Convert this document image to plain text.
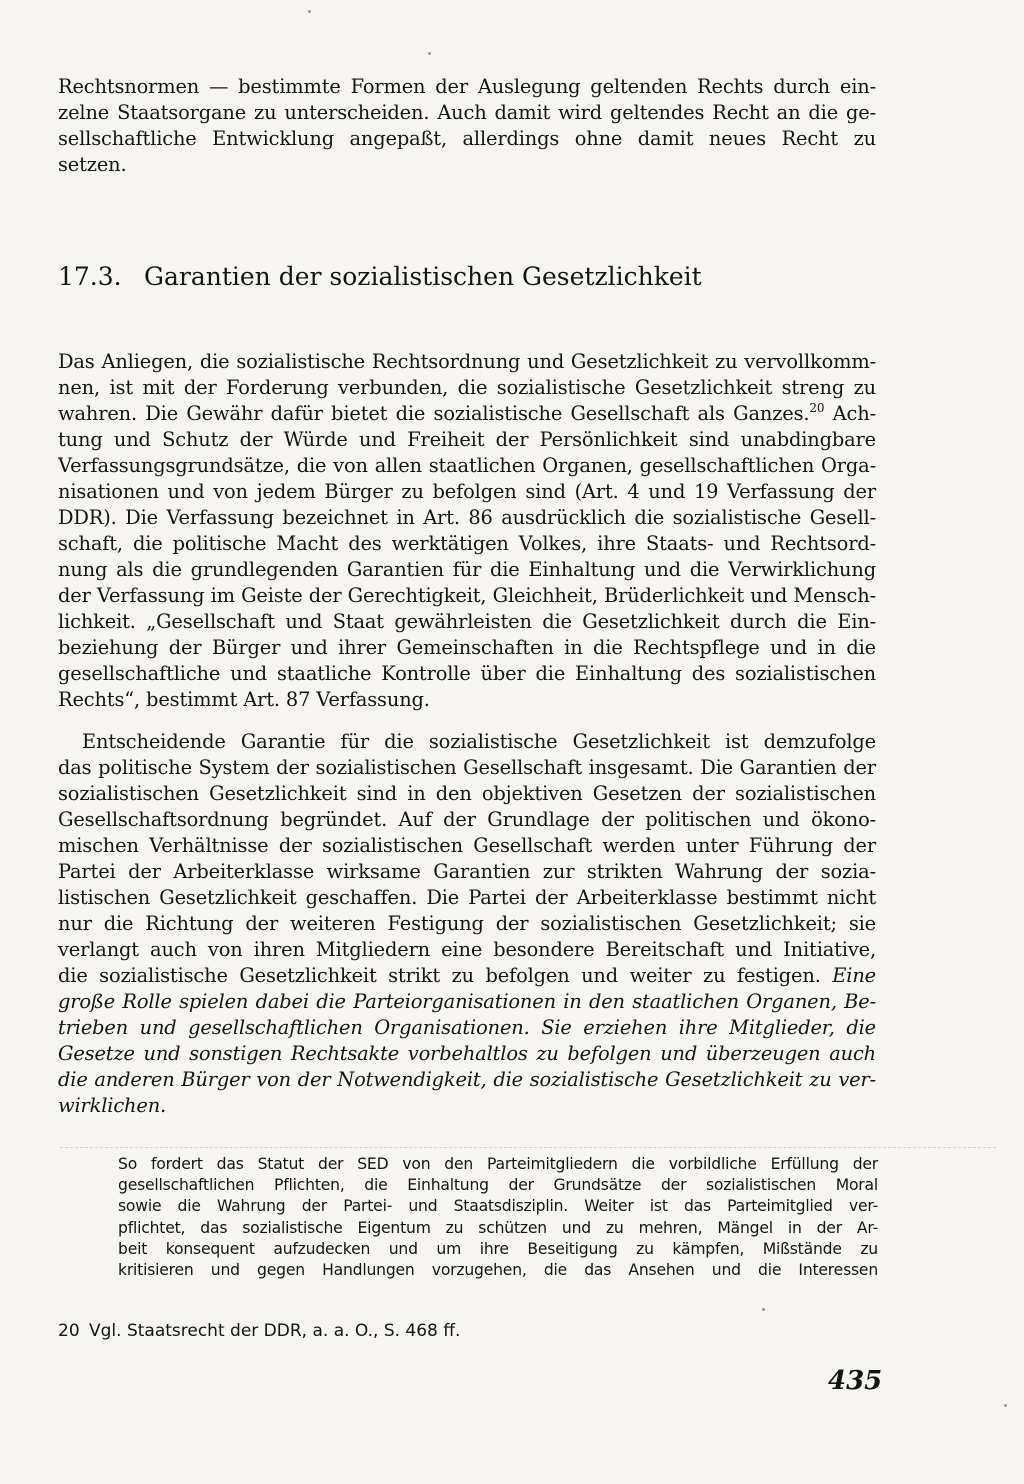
Rechtsnormen — bestimmte Formen der Auslegung geltenden Rechts durch ein-
zelne Staatsorgane zu unterscheiden. Auch damit wird geltendes Recht an die ge-
sellschaftliche Entwicklung angepaßt, allerdings ohne damit neues Recht zu
setzen.
17.3. Garantien der sozialistischen Gesetzlichkeit
Das Anliegen, die sozialistische Rechtsordnung und Gesetzlichkeit zu vervollkomm-
nen, ist mit der Forderung verbunden, die sozialistische Gesetzlichkeit streng zu
wahren. Die Gewähr dafür bietet die sozialistische Gesellschaft als Ganzes.$^{20}$ Ach-
tung und Schutz der Würde und Freiheit der Persönlichkeit sind unabdingbare
Verfassungsgrundsätze, die von allen staatlichen Organen, gesellschaftlichen Orga-
nisationen und von jedem Bürger zu befolgen sind (Art. 4 und 19 Verfassung der
DDR). Die Verfassung bezeichnet in Art. 86 ausdrücklich die sozialistische Gesell-
schaft, die politische Macht des werktätigen Volkes, ihre Staats- und Rechtsord-
nung als die grundlegenden Garantien für die Einhaltung und die Verwirklichung
der Verfassung im Geiste der Gerechtigkeit, Gleichheit, Brüderlichkeit und Mensch-
lichkeit. „Gesellschaft und Staat gewährleisten die Gesetzlichkeit durch die Ein-
beziehung der Bürger und ihrer Gemeinschaften in die Rechtspflege und in die
gesellschaftliche und staatliche Kontrolle über die Einhaltung des sozialistischen
Rechts“, bestimmt Art. 87 Verfassung.
Entscheidende Garantie für die sozialistische Gesetzlichkeit ist demzufolge
das politische System der sozialistischen Gesellschaft insgesamt. Die Garantien der
sozialistischen Gesetzlichkeit sind in den objektiven Gesetzen der sozialistischen
Gesellschaftsordnung begründet. Auf der Grundlage der politischen und ökono-
mischen Verhältnisse der sozialistischen Gesellschaft werden unter Führung der
Partei der Arbeiterklasse wirksame Garantien zur strikten Wahrung der sozia-
listischen Gesetzlichkeit geschaffen. Die Partei der Arbeiterklasse bestimmt nicht
nur die Richtung der weiteren Festigung der sozialistischen Gesetzlichkeit; sie
verlangt auch von ihren Mitgliedern eine besondere Bereitschaft und Initiative,
die sozialistische Gesetzlichkeit strikt zu befolgen und weiter zu festigen. Eine
große Rolle spielen dabei die Parteiorganisationen in den staatlichen Organen, Be-
trieben und gesellschaftlichen Organisationen. Sie erziehen ihre Mitglieder, die
Gesetze und sonstigen Rechtsakte vorbehaltlos zu befolgen und überzeugen auch
die anderen Bürger von der Notwendigkeit, die sozialistische Gesetzlichkeit zu ver-
wirklichen.
So fordert das Statut der SED von den Parteimitgliedern die vorbildliche Erfüllung der
gesellschaftlichen Pflichten, die Einhaltung der Grundsätze der sozialistischen Moral
sowie die Wahrung der Partei- und Staatsdisziplin. Weiter ist das Parteimitglied ver-
pflichtet, das sozialistische Eigentum zu schützen und zu mehren, Mängel in der Ar-
beit konsequent aufzudecken und um ihre Beseitigung zu kämpfen, Mißstände zu
kritisieren und gegen Handlungen vorzugehen, die das Ansehen und die Interessen
20 Vgl. Staatsrecht der DDR, a. a. O., S. 468 ff.
435
